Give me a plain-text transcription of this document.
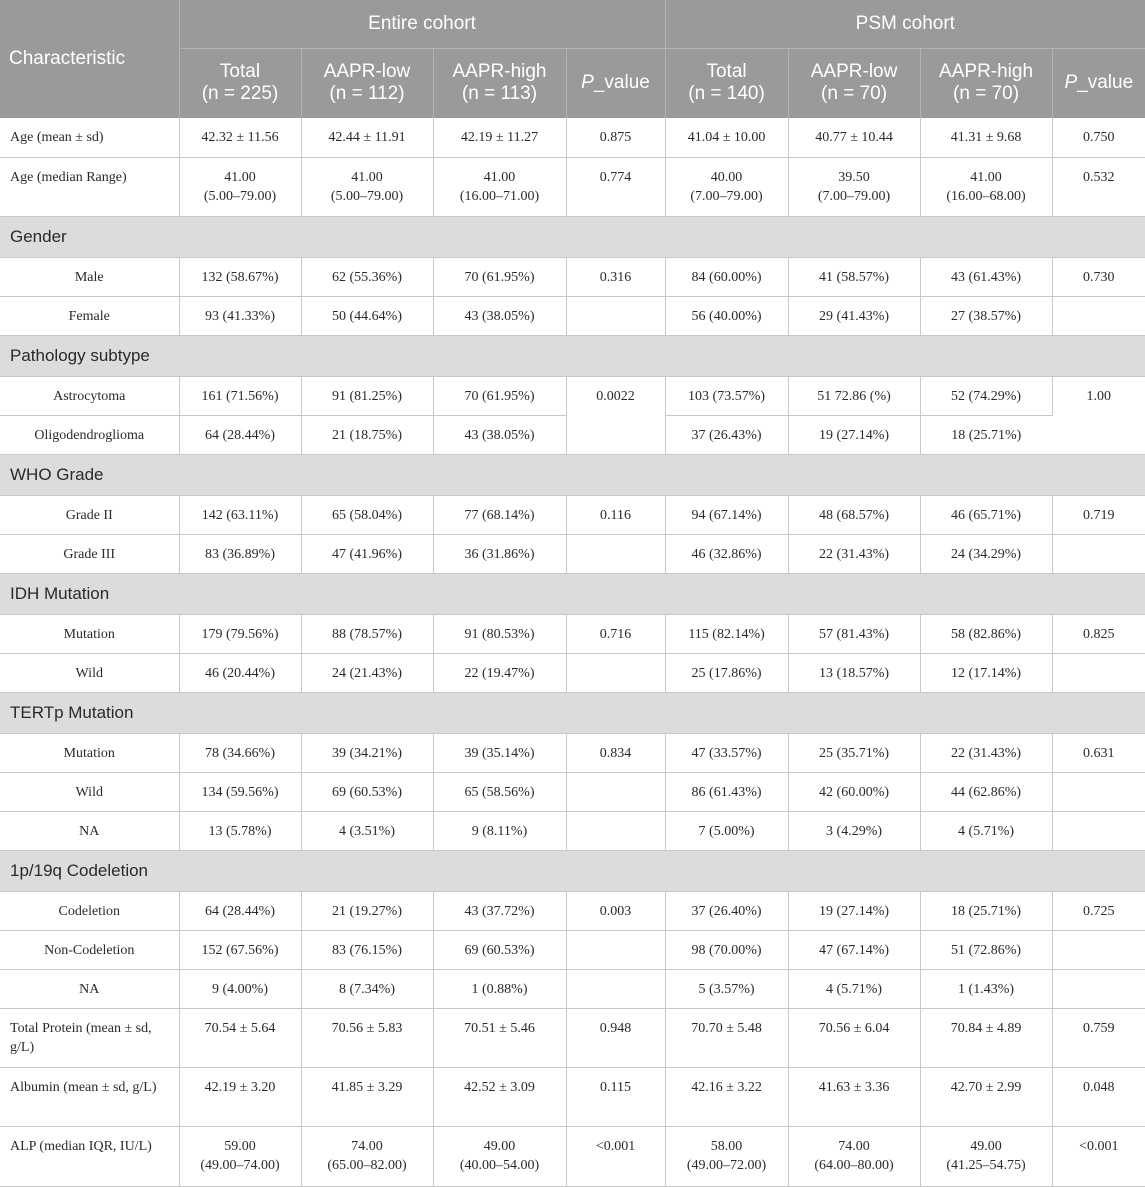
Characteristic	Entire cohort				PSM cohort			
	Total
(n = 225)	AAPR-low
(n = 112)	AAPR-high
(n = 113)	P_value	Total
(n = 140)	AAPR-low
(n = 70)	AAPR-high
(n = 70)	P_value
Age (mean ± sd)	42.32 ± 11.56	42.44 ± 11.91	42.19 ± 11.27	0.875	41.04 ± 10.00	40.77 ± 10.44	41.31 ± 9.68	0.750
Age (median Range)	41.00
(5.00–79.00)	41.00
(5.00–79.00)	41.00
(16.00–71.00)	0.774	40.00
(7.00–79.00)	39.50
(7.00–79.00)	41.00
(16.00–68.00)	0.532
Gender								
Male	132 (58.67%)	62 (55.36%)	70 (61.95%)	0.316	84 (60.00%)	41 (58.57%)	43 (61.43%)	0.730
Female	93 (41.33%)	50 (44.64%)	43 (38.05%)		56 (40.00%)	29 (41.43%)	27 (38.57%)	
Pathology subtype								
Astrocytoma	161 (71.56%)	91 (81.25%)	70 (61.95%)	0.0022	103 (73.57%)	51 72.86 (%)	52 (74.29%)	1.00
Oligodendroglioma	64 (28.44%)	21 (18.75%)	43 (38.05%)		37 (26.43%)	19 (27.14%)	18 (25.71%)	
WHO Grade								
Grade II	142 (63.11%)	65 (58.04%)	77 (68.14%)	0.116	94 (67.14%)	48 (68.57%)	46 (65.71%)	0.719
Grade III	83 (36.89%)	47 (41.96%)	36 (31.86%)		46 (32.86%)	22 (31.43%)	24 (34.29%)	
IDH Mutation								
Mutation	179 (79.56%)	88 (78.57%)	91 (80.53%)	0.716	115 (82.14%)	57 (81.43%)	58 (82.86%)	0.825
Wild	46 (20.44%)	24 (21.43%)	22 (19.47%)		25 (17.86%)	13 (18.57%)	12 (17.14%)	
TERTp Mutation								
Mutation	78 (34.66%)	39 (34.21%)	39 (35.14%)	0.834	47 (33.57%)	25 (35.71%)	22 (31.43%)	0.631
Wild	134 (59.56%)	69 (60.53%)	65 (58.56%)		86 (61.43%)	42 (60.00%)	44 (62.86%)	
NA	13 (5.78%)	4 (3.51%)	9 (8.11%)		7 (5.00%)	3 (4.29%)	4 (5.71%)	
1p/19q Codeletion								
Codeletion	64 (28.44%)	21 (19.27%)	43 (37.72%)	0.003	37 (26.40%)	19 (27.14%)	18 (25.71%)	0.725
Non-Codeletion	152 (67.56%)	83 (76.15%)	69 (60.53%)		98 (70.00%)	47 (67.14%)	51 (72.86%)	
NA	9 (4.00%)	8 (7.34%)	1 (0.88%)		5 (3.57%)	4 (5.71%)	1 (1.43%)	
Total Protein (mean ± sd, g/L)	70.54 ± 5.64	70.56 ± 5.83	70.51 ± 5.46	0.948	70.70 ± 5.48	70.56 ± 6.04	70.84 ± 4.89	0.759
Albumin (mean ± sd, g/L)	42.19 ± 3.20	41.85 ± 3.29	42.52 ± 3.09	0.115	42.16 ± 3.22	41.63 ± 3.36	42.70 ± 2.99	0.048
ALP (median IQR, IU/L)	59.00
(49.00–74.00)	74.00
(65.00–82.00)	49.00
(40.00–54.00)	<0.001	58.00
(49.00–72.00)	74.00
(64.00–80.00)	49.00
(41.25–54.75)	<0.001
